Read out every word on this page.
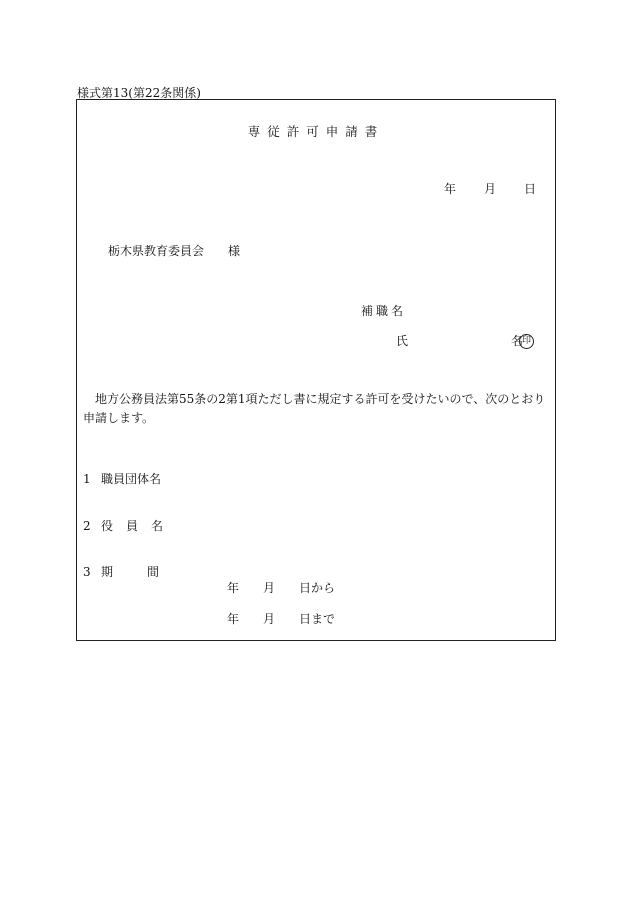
様式第13(第22条関係)
専従許可申請書
年 月 日
栃木県教育委員会 様
補職名
氏	名印
地方公務員法第55条の2第1項ただし書に規定する許可を受けたいので、次のとおり申請します。
1 職員団体名
2 役員名
3 期間
年 月 日から
年 月 日まで
